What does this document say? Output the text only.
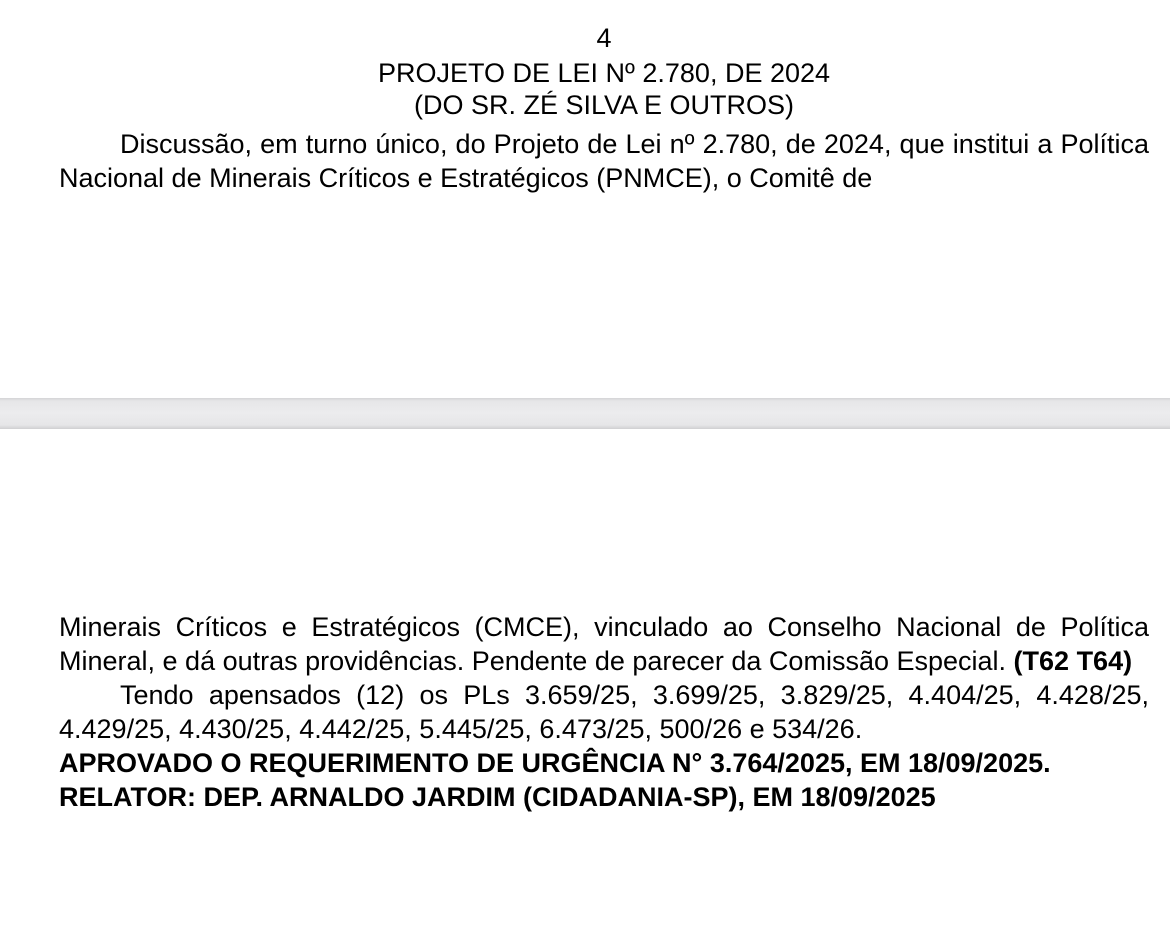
4
PROJETO DE LEI Nº 2.780, DE 2024
(DO SR. ZÉ SILVA E OUTROS)
Discussão, em turno único, do Projeto de Lei nº 2.780, de 2024, que institui a Política Nacional de Minerais Críticos e Estratégicos (PNMCE), o Comitê de
Minerais Críticos e Estratégicos (CMCE), vinculado ao Conselho Nacional de Política Mineral, e dá outras providências. Pendente de parecer da Comissão Especial. (T62 T64)
Tendo apensados (12) os PLs 3.659/25, 3.699/25, 3.829/25, 4.404/25, 4.428/25, 4.429/25, 4.430/25, 4.442/25, 5.445/25, 6.473/25, 500/26 e 534/26.
APROVADO O REQUERIMENTO DE URGÊNCIA N° 3.764/2025, EM 18/09/2025.
RELATOR: DEP. ARNALDO JARDIM (CIDADANIA-SP), EM 18/09/2025
